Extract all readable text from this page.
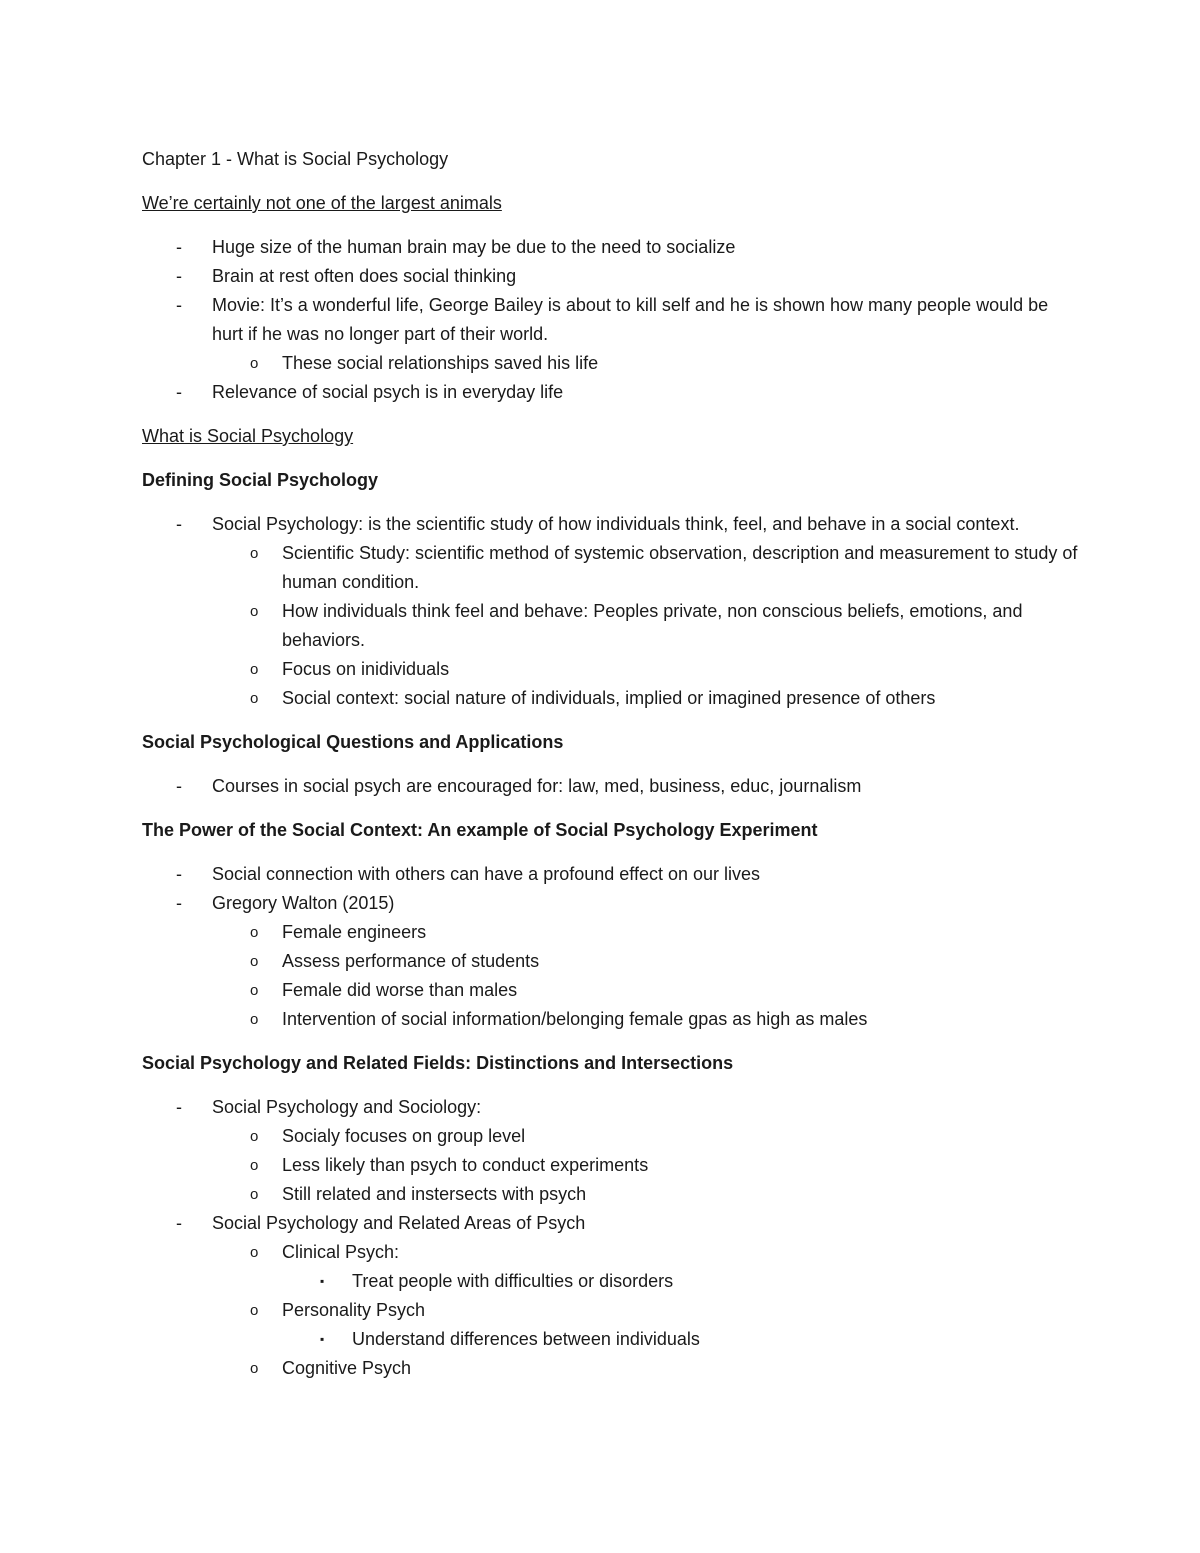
Chapter 1 - What is Social Psychology
We’re certainly not one of the largest animals
-	Huge size of the human brain may be due to the need to socialize
-	Brain at rest often does social thinking
-	Movie: It’s a wonderful life, George Bailey is about to kill self and he is shown how many people would be hurt if he was no longer part of their world.
o	These social relationships saved his life
-	Relevance of social psych is in everyday life
What is Social Psychology
Defining Social Psychology
-	Social Psychology: is the scientific study of how individuals think, feel, and behave in a social context.
o	Scientific Study: scientific method of systemic observation, description and measurement to study of human condition.
o	How individuals think feel and behave: Peoples private, non conscious beliefs, emotions, and behaviors.
o	Focus on inidividuals
o	Social context: social nature of individuals, implied or imagined presence of others
Social Psychological Questions and Applications
-	Courses in social psych are encouraged for: law, med, business, educ, journalism
The Power of the Social Context: An example of Social Psychology Experiment
-	Social connection with others can have a profound effect on our lives
-	Gregory Walton (2015)
o	Female engineers
o	Assess performance of students
o	Female did worse than males
o	Intervention of social information/belonging female gpas as high as males
Social Psychology and Related Fields: Distinctions and Intersections
-	Social Psychology and Sociology:
o	Socialy focuses on group level
o	Less likely than psych to conduct experiments
o	Still related and instersects with psych
-	Social Psychology and Related Areas of Psych
o	Clinical Psych:
▪	Treat people with difficulties or disorders
o	Personality Psych
▪	Understand differences between individuals
o	Cognitive Psych
